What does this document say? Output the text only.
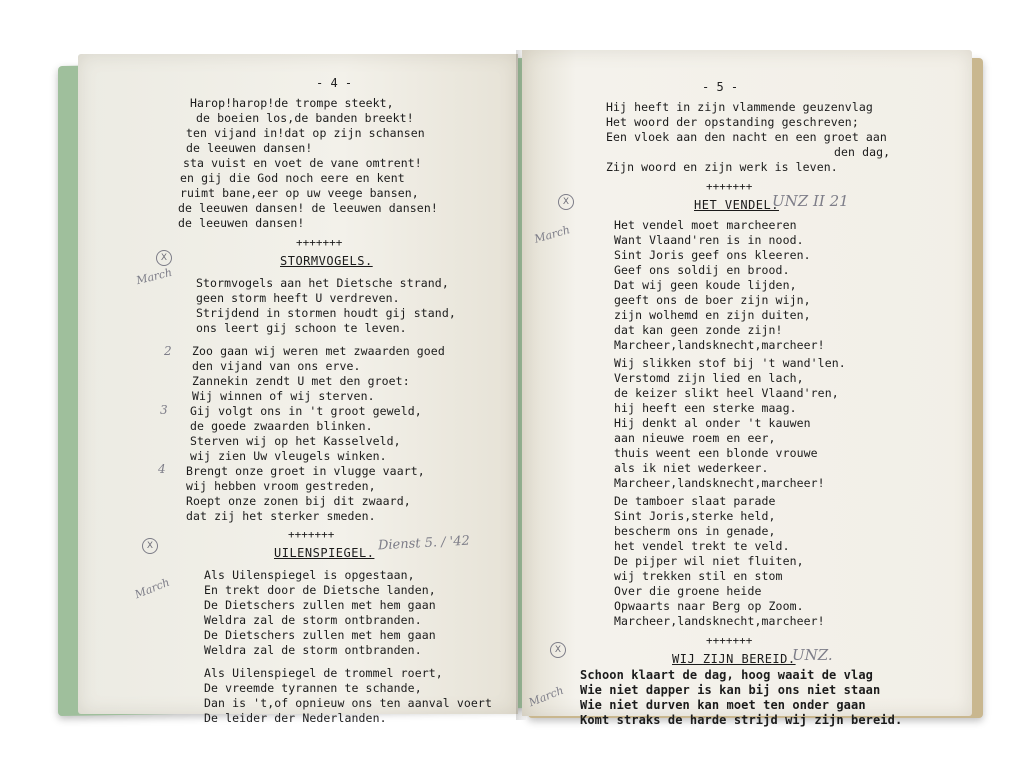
- 4 -
Harop!harop!de trompe steekt,
de boeien los,de banden breekt!
ten vijand in!dat op zijn schansen
de leeuwen dansen!
sta vuist en voet de vane omtrent!
en gij die God noch eere en kent
ruimt bane,eer op uw veege bansen,
de leeuwen dansen! de leeuwen dansen!
de leeuwen dansen!
+++++++
STORMVOGELS.
X
March Stormvogels aan het Dietsche strand,
geen storm heeft U verdreven.
Strijdend in stormen houdt gij stand,
ons leert gij schoon te leven.
2 Zoo gaan wij weren met zwaarden goed
den vijand van ons erve.
Zannekin zendt U met den groet:
Wij winnen of wij sterven.
3 Gij volgt ons in 't groot geweld,
de goede zwaarden blinken.
Sterven wij op het Kasselveld,
wij zien Uw vleugels winken.
4 Brengt onze groet in vlugge vaart,
wij hebben vroom gestreden,
Roept onze zonen bij dit zwaard,
dat zij het sterker smeden.
+++++++
UILENSPIEGEL. Dienst 5. / '42
X
March
Als Uilenspiegel is opgestaan,
En trekt door de Dietsche landen,
De Dietschers zullen met hem gaan
Weldra zal de storm ontbranden.
De Dietschers zullen met hem gaan
Weldra zal de storm ontbranden.
Als Uilenspiegel de trommel roert,
De vreemde tyrannen te schande,
Dan is 't,of opnieuw ons ten aanval voert
De leider der Nederlanden.
- 5 -
Hij heeft in zijn vlammende geuzenvlag
Het woord der opstanding geschreven;
Een vloek aan den nacht en een groet aan
den dag,
Zijn woord en zijn werk is leven.
+++++++
HET VENDEL.
UNZ II 21
X
March	Het vendel moet marcheeren
Want Vlaand'ren is in nood.
Sint Joris geef ons kleeren.
Geef ons soldij en brood.
Dat wij geen koude lijden,
geeft ons de boer zijn wijn,
zijn wolhemd en zijn duiten,
dat kan geen zonde zijn!
Marcheer,landsknecht,marcheer!
Wij slikken stof bij 't wand'len.
Verstomd zijn lied en lach,
de keizer slikt heel Vlaand'ren,
hij heeft een sterke maag.
Hij denkt al onder 't kauwen
aan nieuwe roem en eer,
thuis weent een blonde vrouwe
als ik niet wederkeer.
Marcheer,landsknecht,marcheer!
De tamboer slaat parade
Sint Joris,sterke held,
bescherm ons in genade,
het vendel trekt te veld.
De pijper wil niet fluiten,
wij trekken stil en stom
Over die groene heide
Opwaarts naar Berg op Zoom.
Marcheer,landsknecht,marcheer!
+++++++
WIJ ZIJN BEREID.
UNZ.
X
Schoon klaart de dag, hoog waait de vlag
Wie niet dapper is kan bij ons niet staan
Wie niet durven kan moet ten onder gaan
Komt straks de harde strijd wij zijn bereid.
March
